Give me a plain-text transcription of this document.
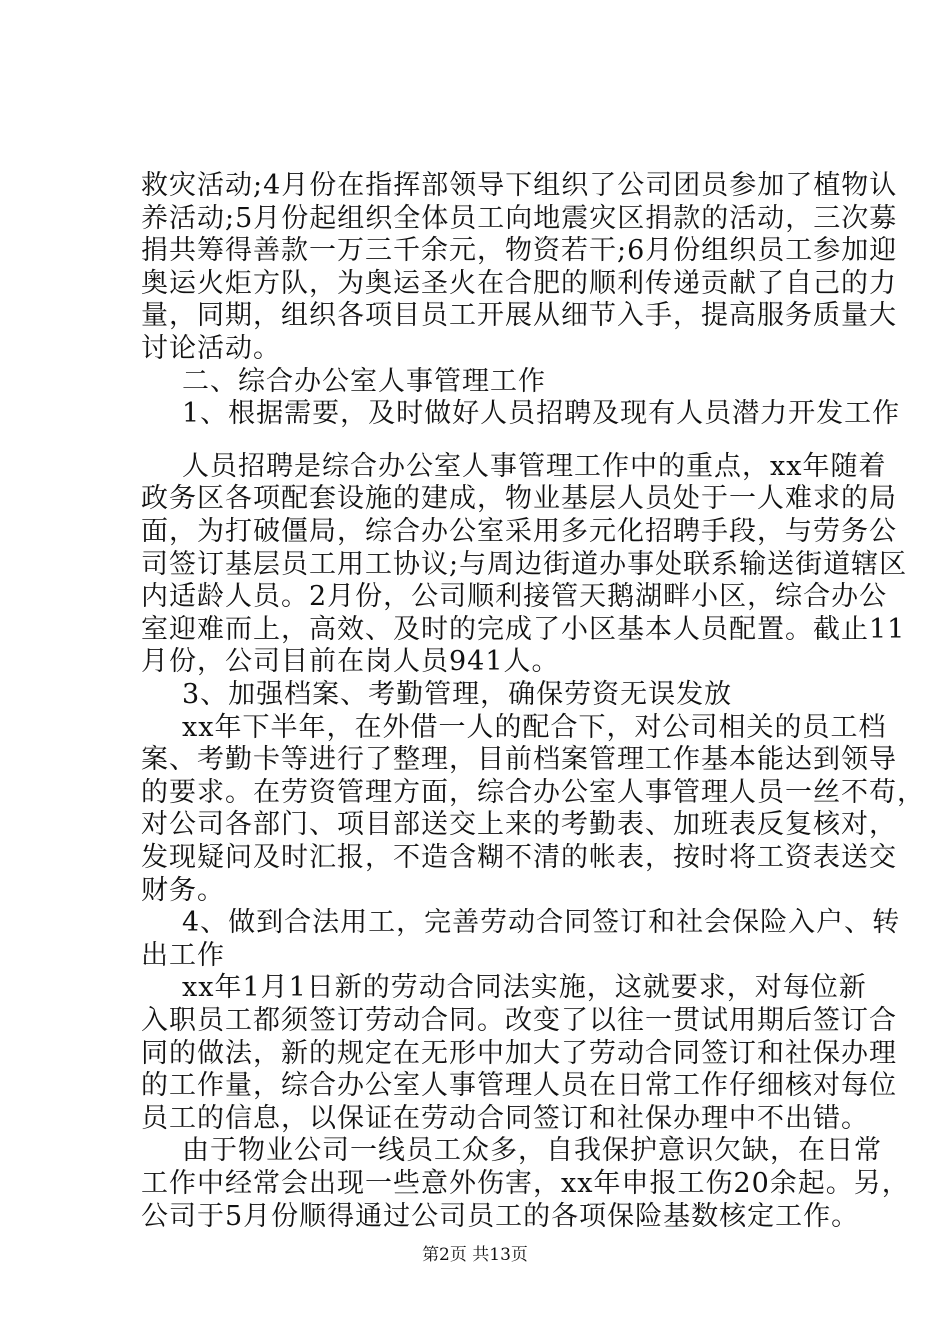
救灾活动;4月份在指挥部领导下组织了公司团员参加了植物认
养活动;5月份起组织全体员工向地震灾区捐款的活动，三次募
捐共筹得善款一万三千余元，物资若干;6月份组织员工参加迎
奥运火炬方队，为奥运圣火在合肥的顺利传递贡献了自己的力
量，同期，组织各项目员工开展从细节入手，提高服务质量大
讨论活动。
二、综合办公室人事管理工作
1、根据需要，及时做好人员招聘及现有人员潜力开发工作
人员招聘是综合办公室人事管理工作中的重点，xx年随着
政务区各项配套设施的建成，物业基层人员处于一人难求的局
面，为打破僵局，综合办公室采用多元化招聘手段，与劳务公
司签订基层员工用工协议;与周边街道办事处联系输送街道辖区
内适龄人员。2月份，公司顺利接管天鹅湖畔小区，综合办公
室迎难而上，高效、及时的完成了小区基本人员配置。截止11
月份，公司目前在岗人员941人。
3、加强档案、考勤管理，确保劳资无误发放
xx年下半年，在外借一人的配合下，对公司相关的员工档
案、考勤卡等进行了整理，目前档案管理工作基本能达到领导
的要求。在劳资管理方面，综合办公室人事管理人员一丝不苟，
对公司各部门、项目部送交上来的考勤表、加班表反复核对，
发现疑问及时汇报，不造含糊不清的帐表，按时将工资表送交
财务。
4、做到合法用工，完善劳动合同签订和社会保险入户、转
出工作
xx年1月1日新的劳动合同法实施，这就要求，对每位新
入职员工都须签订劳动合同。改变了以往一贯试用期后签订合
同的做法，新的规定在无形中加大了劳动合同签订和社保办理
的工作量，综合办公室人事管理人员在日常工作仔细核对每位
员工的信息，以保证在劳动合同签订和社保办理中不出错。
由于物业公司一线员工众多，自我保护意识欠缺，在日常
工作中经常会出现一些意外伤害，xx年申报工伤20余起。另，
公司于5月份顺得通过公司员工的各项保险基数核定工作。
第2页 共13页
